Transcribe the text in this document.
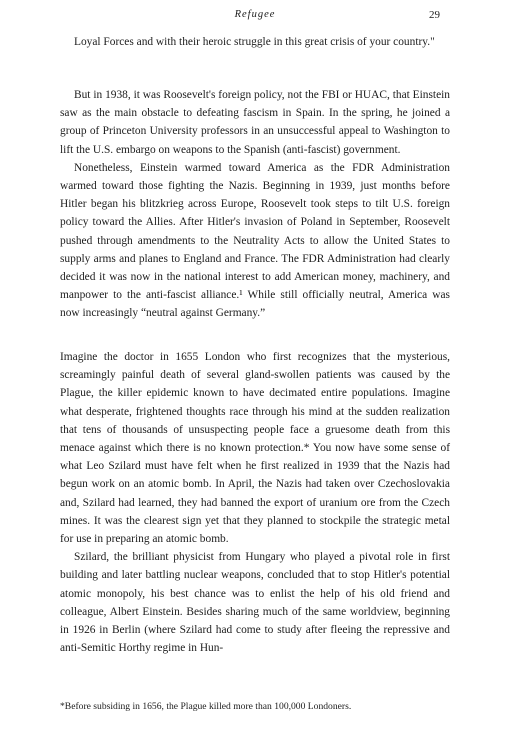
Refugee	29

Loyal Forces and with their heroic struggle in this great crisis of your country."

But in 1938, it was Roosevelt's foreign policy, not the FBI or HUAC, that Einstein saw as the main obstacle to defeating fascism in Spain. In the spring, he joined a group of Princeton University professors in an unsuccessful appeal to Washington to lift the U.S. embargo on weapons to the Spanish (anti-fascist) government.

Nonetheless, Einstein warmed toward America as the FDR Administration warmed toward those fighting the Nazis. Beginning in 1939, just months before Hitler began his blitzkrieg across Europe, Roosevelt took steps to tilt U.S. foreign policy toward the Allies. After Hitler's invasion of Poland in September, Roosevelt pushed through amendments to the Neutrality Acts to allow the United States to supply arms and planes to England and France. The FDR Administration had clearly decided it was now in the national interest to add American money, machinery, and manpower to the anti-fascist alliance.¹ While still officially neutral, America was now increasingly “neutral against Germany.”

Imagine the doctor in 1655 London who first recognizes that the mysterious, screamingly painful death of several gland-swollen patients was caused by the Plague, the killer epidemic known to have decimated entire populations. Imagine what desperate, frightened thoughts race through his mind at the sudden realization that tens of thousands of unsuspecting people face a gruesome death from this menace against which there is no known protection.* You now have some sense of what Leo Szilard must have felt when he first realized in 1939 that the Nazis had begun work on an atomic bomb. In April, the Nazis had taken over Czechoslovakia and, Szilard had learned, they had banned the export of uranium ore from the Czech mines. It was the clearest sign yet that they planned to stockpile the strategic metal for use in preparing an atomic bomb.

Szilard, the brilliant physicist from Hungary who played a pivotal role in first building and later battling nuclear weapons, concluded that to stop Hitler's potential atomic monopoly, his best chance was to enlist the help of his old friend and colleague, Albert Einstein. Besides sharing much of the same worldview, beginning in 1926 in Berlin (where Szilard had come to study after fleeing the repressive and anti-Semitic Horthy regime in Hun-

*Before subsiding in 1656, the Plague killed more than 100,000 Londoners.
